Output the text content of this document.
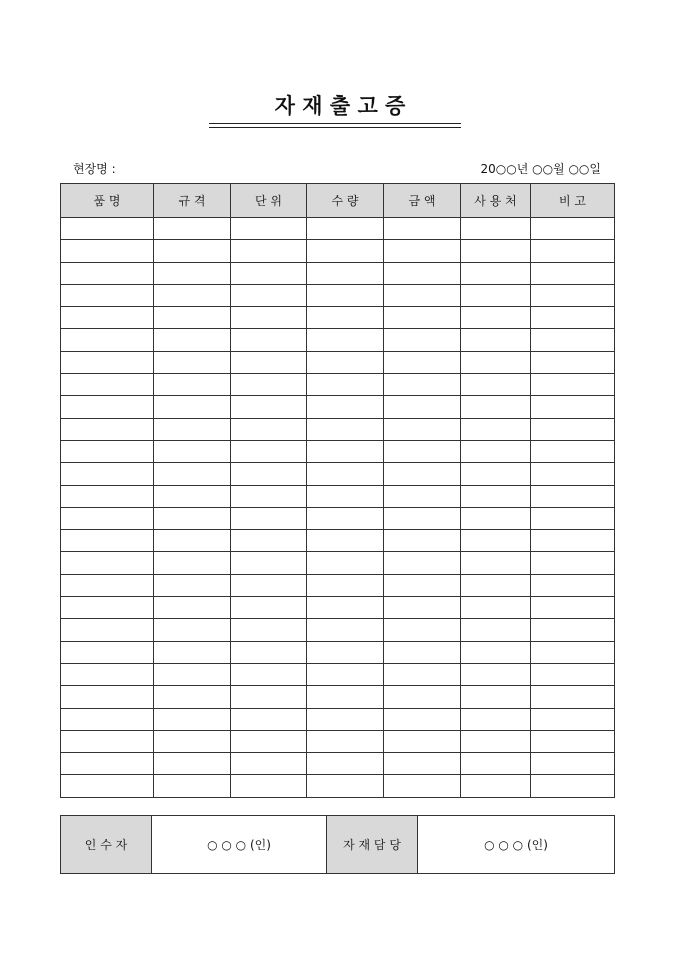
자 재 출 고 증
현장명 :	20○○년 ○○월 ○○일
품 명	규 격	단 위	수 량	금 액	사 용 처	비 고

인 수 자	○ ○ ○ (인)	자 재 담 당	○ ○ ○ (인)
